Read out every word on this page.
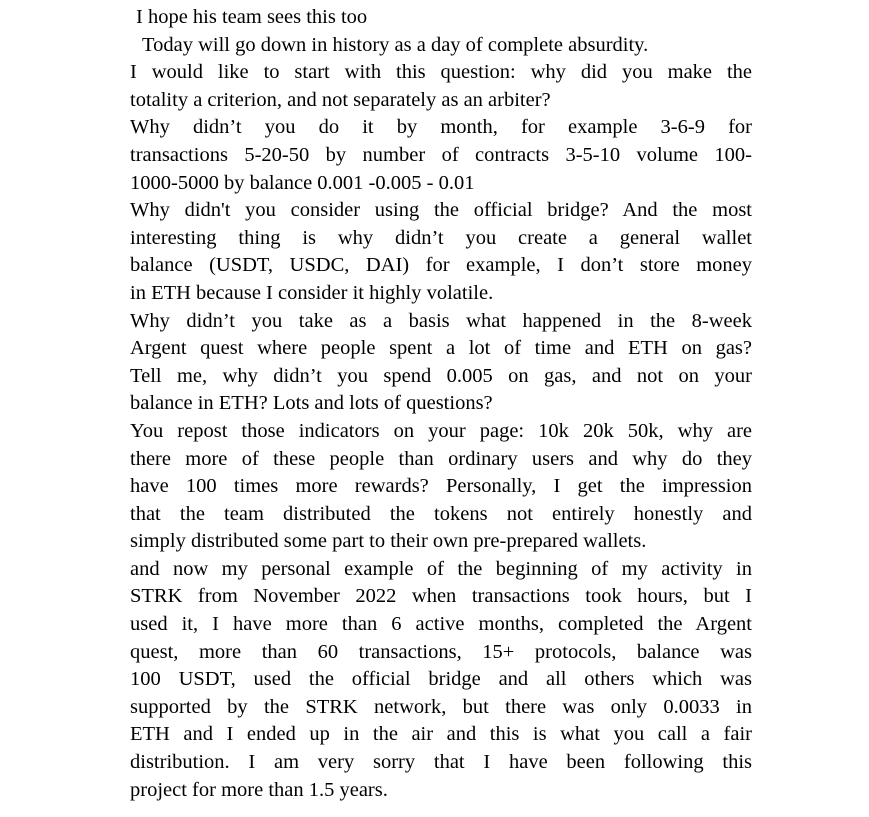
I hope his team sees this too
Today will go down in history as a day of complete absurdity.
I would like to start with this question: why did you make the
totality a criterion, and not separately as an arbiter?
Why didn’t you do it by month, for example 3-6-9 for
transactions 5-20-50 by number of contracts 3-5-10 volume 100-
1000-5000 by balance 0.001 -0.005 - 0.01
Why didn't you consider using the official bridge? And the most
interesting thing is why didn’t you create a general wallet
balance (USDT, USDC, DAI) for example, I don’t store money
in ETH because I consider it highly volatile.
Why didn’t you take as a basis what happened in the 8-week
Argent quest where people spent a lot of time and ETH on gas?
Tell me, why didn’t you spend 0.005 on gas, and not on your
balance in ETH? Lots and lots of questions?
You repost those indicators on your page: 10k 20k 50k, why are
there more of these people than ordinary users and why do they
have 100 times more rewards? Personally, I get the impression
that the team distributed the tokens not entirely honestly and
simply distributed some part to their own pre-prepared wallets.
and now my personal example of the beginning of my activity in
STRK from November 2022 when transactions took hours, but I
used it, I have more than 6 active months, completed the Argent
quest, more than 60 transactions, 15+ protocols, balance was
100 USDT, used the official bridge and all others which was
supported by the STRK network, but there was only 0.0033 in
ETH and I ended up in the air and this is what you call a fair
distribution. I am very sorry that I have been following this
project for more than 1.5 years.
